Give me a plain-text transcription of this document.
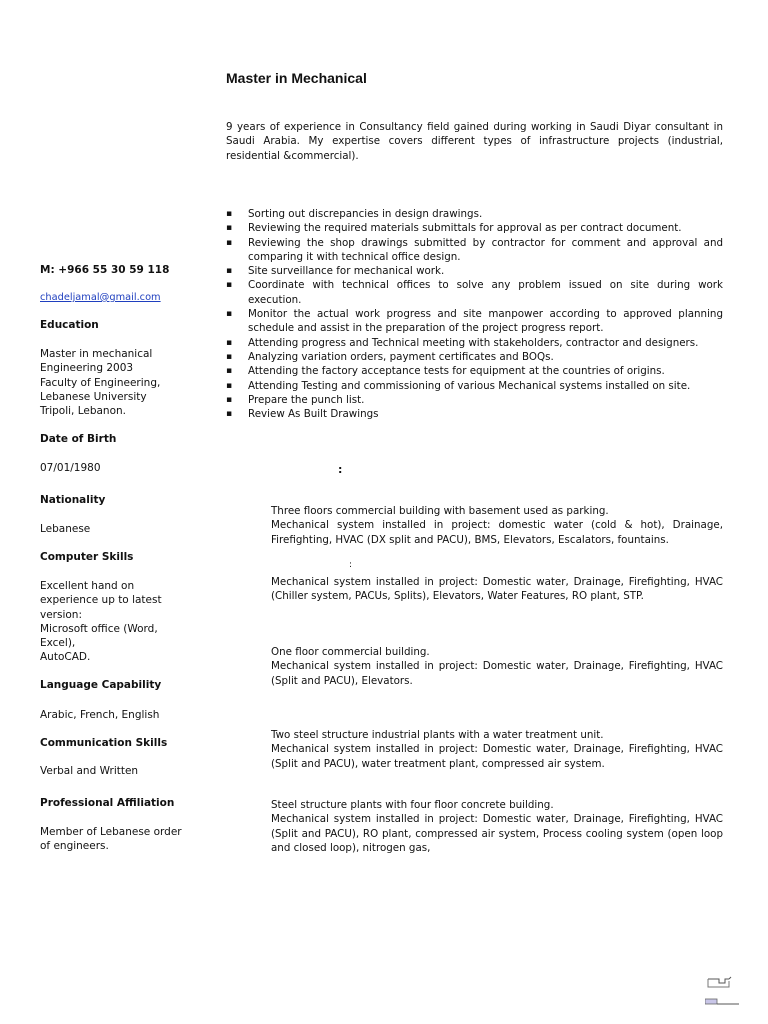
Master in Mechanical
9 years of experience in Consultancy field gained during working in Saudi Diyar consultant in Saudi Arabia. My expertise covers different types of infrastructure projects (industrial, residential &commercial).
▪ Sorting out discrepancies in design drawings.
▪ Reviewing the required materials submittals for approval as per contract document.
▪ Reviewing the shop drawings submitted by contractor for comment and approval and comparing it with technical office design.
▪ Site surveillance for mechanical work.
▪ Coordinate with technical offices to solve any problem issued on site during work execution.
▪ Monitor the actual work progress and site manpower according to approved planning schedule and assist in the preparation of the project progress report.
▪ Attending progress and Technical meeting with stakeholders, contractor and designers.
▪ Analyzing variation orders, payment certificates and BOQs.
▪ Attending the factory acceptance tests for equipment at the countries of origins.
▪ Attending Testing and commissioning of various Mechanical systems installed on site.
▪ Prepare the punch list.
▪ Review As Built Drawings
M: +966 55 30 59 118
chadeljamal@gmail.com
Education
Master in mechanical
Engineering 2003
Faculty of Engineering,
Lebanese University
Tripoli, Lebanon.
Date of Birth
07/01/1980
Nationality
Lebanese
Computer Skills
Excellent hand on
experience up to latest
version:
Microsoft office (Word,
Excel),
AutoCAD.
Language Capability
Arabic, French, English
Communication Skills
Verbal and Written
Professional Affiliation
Member of Lebanese order
of engineers.
:
Three floors commercial building with basement used as parking.
Mechanical system installed in project: domestic water (cold & hot), Drainage, Firefighting, HVAC (DX split and PACU), BMS, Elevators, Escalators, fountains.
:
Mechanical system installed in project: Domestic water, Drainage, Firefighting, HVAC (Chiller system, PACUs, Splits), Elevators, Water Features, RO plant, STP.
One floor commercial building.
Mechanical system installed in project: Domestic water, Drainage, Firefighting, HVAC (Split and PACU), Elevators.
Two steel structure industrial plants with a water treatment unit.
Mechanical system installed in project: Domestic water, Drainage, Firefighting, HVAC (Split and PACU), water treatment plant, compressed air system.
Steel structure plants with four floor concrete building.
Mechanical system installed in project: Domestic water, Drainage, Firefighting, HVAC (Split and PACU), RO plant, compressed air system, Process cooling system (open loop and closed loop), nitrogen gas,
